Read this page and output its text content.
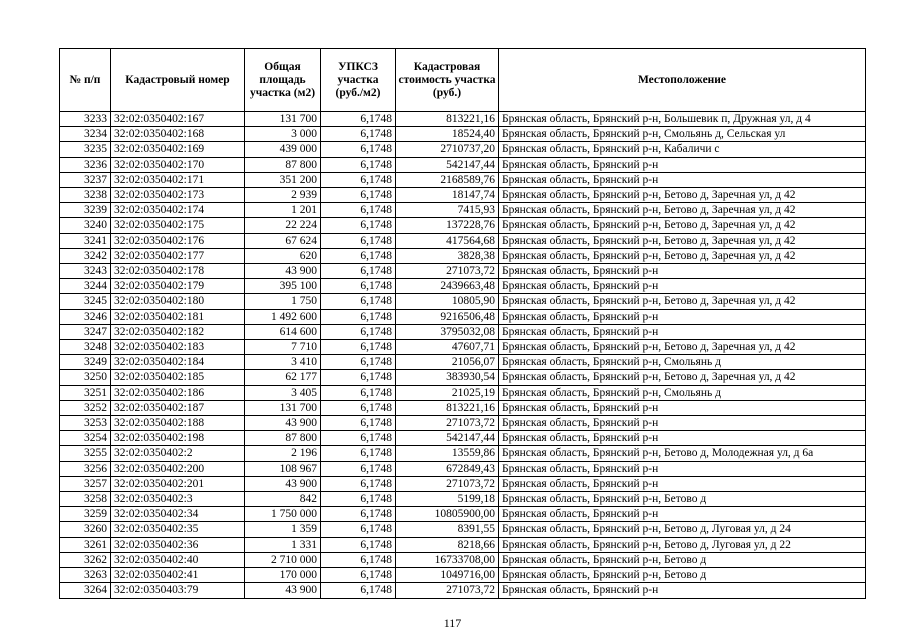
№ п/п	Кадастровый номер	Общая площадь участка (м2)	УПКСЗ участка (руб./м2)	Кадастровая стоимость участка (руб.)	Местоположение
3233	32:02:0350402:167	131 700	6,1748	813221,16	Брянская область, Брянский р-н, Большевик п, Дружная ул, д 4
3234	32:02:0350402:168	3 000	6,1748	18524,40	Брянская область, Брянский р-н, Смольянь д, Сельская ул
3235	32:02:0350402:169	439 000	6,1748	2710737,20	Брянская область, Брянский р-н, Кабаличи с
3236	32:02:0350402:170	87 800	6,1748	542147,44	Брянская область, Брянский р-н
3237	32:02:0350402:171	351 200	6,1748	2168589,76	Брянская область, Брянский р-н
3238	32:02:0350402:173	2 939	6,1748	18147,74	Брянская область, Брянский р-н, Бетово д, Заречная ул, д 42
3239	32:02:0350402:174	1 201	6,1748	7415,93	Брянская область, Брянский р-н, Бетово д, Заречная ул, д 42
3240	32:02:0350402:175	22 224	6,1748	137228,76	Брянская область, Брянский р-н, Бетово д, Заречная ул, д 42
3241	32:02:0350402:176	67 624	6,1748	417564,68	Брянская область, Брянский р-н, Бетово д, Заречная ул, д 42
3242	32:02:0350402:177	620	6,1748	3828,38	Брянская область, Брянский р-н, Бетово д, Заречная ул, д 42
3243	32:02:0350402:178	43 900	6,1748	271073,72	Брянская область, Брянский р-н
3244	32:02:0350402:179	395 100	6,1748	2439663,48	Брянская область, Брянский р-н
3245	32:02:0350402:180	1 750	6,1748	10805,90	Брянская область, Брянский р-н, Бетово д, Заречная ул, д 42
3246	32:02:0350402:181	1 492 600	6,1748	9216506,48	Брянская область, Брянский р-н
3247	32:02:0350402:182	614 600	6,1748	3795032,08	Брянская область, Брянский р-н
3248	32:02:0350402:183	7 710	6,1748	47607,71	Брянская область, Брянский р-н, Бетово д, Заречная ул, д 42
3249	32:02:0350402:184	3 410	6,1748	21056,07	Брянская область, Брянский р-н, Смольянь д
3250	32:02:0350402:185	62 177	6,1748	383930,54	Брянская область, Брянский р-н, Бетово д, Заречная ул, д 42
3251	32:02:0350402:186	3 405	6,1748	21025,19	Брянская область, Брянский р-н, Смольянь д
3252	32:02:0350402:187	131 700	6,1748	813221,16	Брянская область, Брянский р-н
3253	32:02:0350402:188	43 900	6,1748	271073,72	Брянская область, Брянский р-н
3254	32:02:0350402:198	87 800	6,1748	542147,44	Брянская область, Брянский р-н
3255	32:02:0350402:2	2 196	6,1748	13559,86	Брянская область, Брянский р-н, Бетово д, Молодежная ул, д 6а
3256	32:02:0350402:200	108 967	6,1748	672849,43	Брянская область, Брянский р-н
3257	32:02:0350402:201	43 900	6,1748	271073,72	Брянская область, Брянский р-н
3258	32:02:0350402:3	842	6,1748	5199,18	Брянская область, Брянский р-н, Бетово д
3259	32:02:0350402:34	1 750 000	6,1748	10805900,00	Брянская область, Брянский р-н
3260	32:02:0350402:35	1 359	6,1748	8391,55	Брянская область, Брянский р-н, Бетово д, Луговая ул, д 24
3261	32:02:0350402:36	1 331	6,1748	8218,66	Брянская область, Брянский р-н, Бетово д, Луговая ул, д 22
3262	32:02:0350402:40	2 710 000	6,1748	16733708,00	Брянская область, Брянский р-н, Бетово д
3263	32:02:0350402:41	170 000	6,1748	1049716,00	Брянская область, Брянский р-н, Бетово д
3264	32:02:0350403:79	43 900	6,1748	271073,72	Брянская область, Брянский р-н
117
